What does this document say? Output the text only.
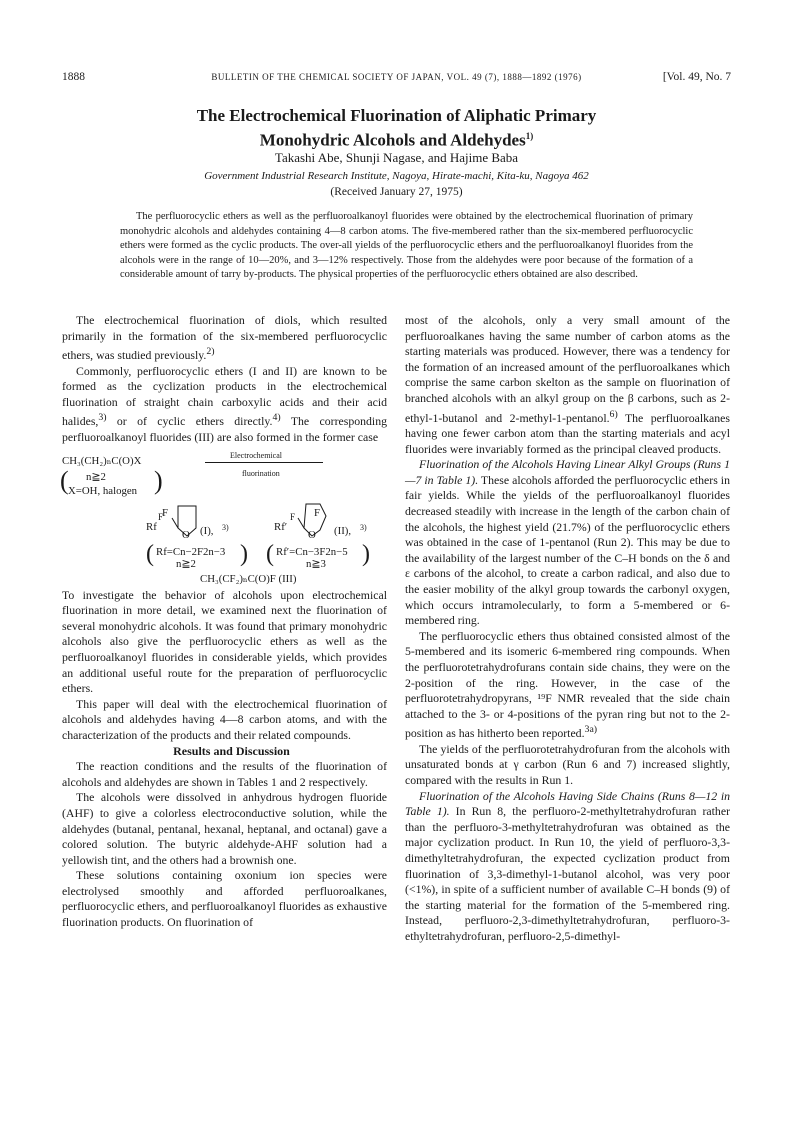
1888	BULLETIN OF THE CHEMICAL SOCIETY OF JAPAN, VOL. 49 (7), 1888—1892 (1976)	[Vol. 49, No. 7
The Electrochemical Fluorination of Aliphatic Primary
Monohydric Alcohols and Aldehydes$^{1)}$
Takashi Abe, Shunji Nagase, and Hajime Baba
Government Industrial Research Institute, Nagoya, Hirate-machi, Kita-ku, Nagoya 462
(Received January 27, 1975)
The perfluorocyclic ethers as well as the perfluoroalkanoyl fluorides were obtained by the electrochemical fluorination of primary monohydric alcohols and aldehydes containing 4—8 carbon atoms. The five-membered rather than the six-membered perfluorocyclic ethers were formed as the cyclic products. The over-all yields of the perfluorocyclic ethers and the perfluoroalkanoyl fluorides from the alcohols were in the range of 10—20%, and 3—12% respectively. Those from the aldehydes were poor because of the formation of a considerable amount of tarry by-products. The physical properties of the perfluorocyclic ethers obtained are also described.

The electrochemical fluorination of diols, which resulted primarily in the formation of the six-membered perfluorocyclic ethers, was studied previously.$^{2)}$

Commonly, perfluorocyclic ethers (I and II) are known to be formed as the cyclization products in the electrochemical fluorination of straight chain carboxylic acids and their acid halides,$^{3)}$ or of cyclic ethers directly.$^{4)}$ The corresponding perfluoroalkanoyl fluorides (III) are also formed in the former case

CH₃(CH₂)ₙC(O)X	Electrochemical
fluorination
( n≧2
X=OH, halogen )
F
F
Rf
O (I), 3)
F
F
Rf′
O (II), 3)
( Rf=Cn−2F2n−3
n≧2 ) ( Rf′=Cn−3F2n−5
n≧3 )
CH₃(CF₂)ₙC(O)F (III)

To investigate the behavior of alcohols upon electrochemical fluorination in more detail, we examined next the fluorination of several monohydric alcohols. It was found that primary monohydric alcohols also give the perfluorocyclic ethers as well as the perfluoroalkanoyl fluorides in considerable yields, which provides an additional useful route for the preparation of perfluorocyclic ethers.

This paper will deal with the electrochemical fluorination of alcohols and aldehydes having 4—8 carbon atoms, and with the characterization of the products and their related compounds.

Results and Discussion

The reaction conditions and the results of the fluorination of alcohols and aldehydes are shown in Tables 1 and 2 respectively.

The alcohols were dissolved in anhydrous hydrogen fluoride (AHF) to give a colorless electroconductive solution, while the aldehydes (butanal, pentanal, hexanal, heptanal, and octanal) gave a colored solution. The butyric aldehyde-AHF solution had a yellowish tint, and the others had a brownish one.

These solutions containing oxonium ion species were electrolysed smoothly and afforded perfluoroalkanes, perfluorocyclic ethers, and perfluoroalkanoyl fluorides as exhaustive fluorination products. On fluorination of

most of the alcohols, only a very small amount of the perfluoroalkanes having the same number of carbon atoms as the starting materials was produced. However, there was a tendency for the formation of an increased amount of the perfluoroalkanes which comprise the same carbon skelton as the sample on fluorination of branched alcohols with an alkyl group on the β carbons, such as 2-ethyl-1-butanol and 2-methyl-1-pentanol.$^{6)}$ The perfluoroalkanes having one fewer carbon atom than the starting materials and acyl fluorides were invariably formed as the principal cleaved products.

Fluorination of the Alcohols Having Linear Alkyl Groups (Runs 1—7 in Table 1). These alcohols afforded the perfluorocyclic ethers in fair yields. While the yields of the perfluoroalkanoyl fluorides decreased steadily with increase in the length of the carbon chain of the alcohols, the highest yield (21.7%) of the perfluorocyclic ethers was obtained in the case of 1-pentanol (Run 2). This may be due to the availability of the largest number of the C–H bonds on the δ and ε carbons of the alcohol, to create a carbon radical, and also due to the easier mobility of the alkyl group towards the carbonyl oxygen, which occurs intramolecularly, to form a 5-membered or 6-membered ring.

The perfluorocyclic ethers thus obtained consisted almost of the 5-membered and its isomeric 6-membered ring compounds. When the perfluorotetrahydrofurans contain side chains, they were on the 2-position of the ring. However, in the case of the perfluorotetrahydropyrans, ¹⁹F NMR revealed that the side chain attached to the 3- or 4-positions of the pyran ring but not to the 2-position as has hitherto been reported.$^{3a)}$

The yields of the perfluorotetrahydrofuran from the alcohols with unsaturated bonds at γ carbon (Run 6 and 7) increased slightly, compared with the results in Run 1.

Fluorination of the Alcohols Having Side Chains (Runs 8—12 in Table 1). In Run 8, the perfluoro-2-methyltetrahydrofuran rather than the perfluoro-3-methyltetrahydrofuran was obtained as the major cyclization product. In Run 10, the yield of perfluoro-3,3-dimethyltetrahydrofuran, the expected cyclization product from fluorination of 3,3-dimethyl-1-butanol alcohol, was very poor (<1%), in spite of a sufficient number of available C–H bonds (9) of the starting material for the formation of the 5-membered ring. Instead, perfluoro-2,3-dimethyltetrahydrofuran, perfluoro-3-ethyltetrahydrofuran, perfluoro-2,5-dimethyl-
